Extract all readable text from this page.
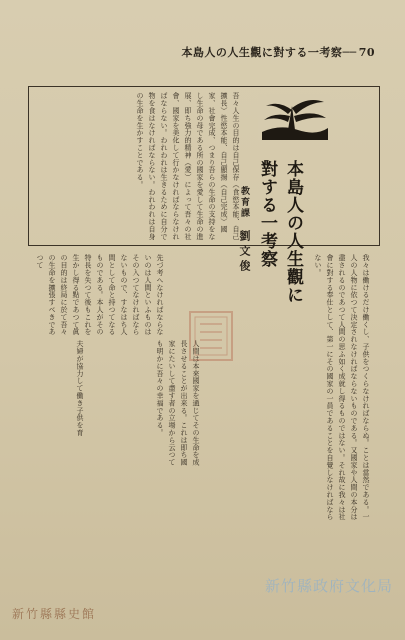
本島人の人生觀に對する一考察── 70
本島人の人生觀に
對する一考察
教育課 劉文俊
吾々人生の目的は自己保存（食慾本能、自己擴長）性慾本能、自己顯揚（自己完成）國家、社會完成、つまり吾らの生命の支持をなし生命の母である所の國家を愛して生命の進展、即ち強力的精神（愛）によって吾々の社會、國家を美化して行かなければならなければならない。われわれは生きるために自分で物を食はなければならない。われわれは自身の生命を生かすことである。
先づ考へなければならないのは人間といふものはその入つてなければならないもので、すなはち人間として命と持つてなるものである。本人がその特長を失つて後もこれを生かし得る點であつて眞の目的は終局に於て吾々の生命を擴張すべきであつて
夫婦が協力して働き子供を育	人間は本來國家を通じてその生命を成長させることが出来る。これは即ち國家にたいして盡す者の立場から云つても明かに吾々の幸福である。	我々は働けるだけ働くし、子供をつくらなければならぬ。ことは當然である。一人の人物に依つて決定されなければならないものである。又國家や人間の本分は盡されるのであつて人間の思ふ如く成就し得るものではない。それ故に我々は社會に對する奉仕として、第一にその國家の一員であることを自覺しなければならない。
新竹縣政府文化局
新竹縣縣史館
